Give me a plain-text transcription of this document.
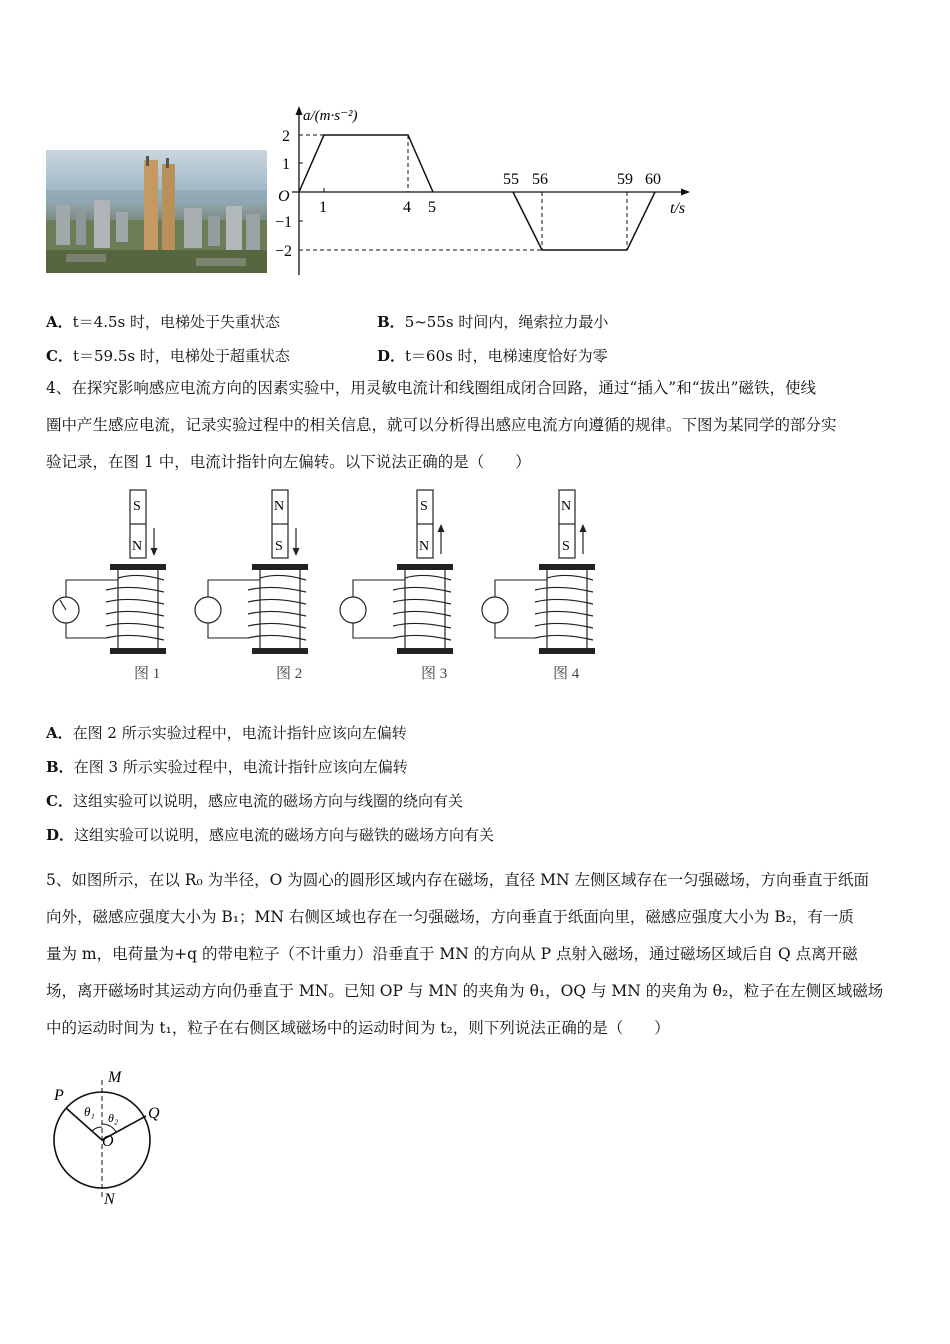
a/(m·s⁻²)
t/s
O
2
1
−1
−2
1	4 5
55 56	59 60
A．t＝4.5s 时，电梯处于失重状态	B．5~55s 时间内，绳索拉力最小
C．t＝59.5s 时，电梯处于超重状态	D．t＝60s 时，电梯速度恰好为零
4、在探究影响感应电流方向的因素实验中，用灵敏电流计和线圈组成闭合回路，通过“插入”和“拔出”磁铁，使线
圈中产生感应电流，记录实验过程中的相关信息，就可以分析得出感应电流方向遵循的规律。下图为某同学的部分实
验记录，在图 1 中，电流计指针向左偏转。以下说法正确的是（　　）
S
N
图 1
N
S
图 2
S
N
图 3
N
S
图 4
A．在图 2 所示实验过程中，电流计指针应该向左偏转
B．在图 3 所示实验过程中，电流计指针应该向左偏转
C．这组实验可以说明，感应电流的磁场方向与线圈的绕向有关
D．这组实验可以说明，感应电流的磁场方向与磁铁的磁场方向有关
5、如图所示，在以 R₀ 为半径，O 为圆心的圆形区域内存在磁场，直径 MN 左侧区域存在一匀强磁场，方向垂直于纸面
向外，磁感应强度大小为 B₁；MN 右侧区域也存在一匀强磁场，方向垂直于纸面向里，磁感应强度大小为 B₂，有一质
量为 m，电荷量为+q 的带电粒子（不计重力）沿垂直于 MN 的方向从 P 点射入磁场，通过磁场区域后自 Q 点离开磁
场，离开磁场时其运动方向仍垂直于 MN。已知 OP 与 MN 的夹角为 θ₁，OQ 与 MN 的夹角为 θ₂，粒子在左侧区域磁场
中的运动时间为 t₁，粒子在右侧区域磁场中的运动时间为 t₂，则下列说法正确的是（　　）
M
N
O
P
Q
θ₁ θ₂
